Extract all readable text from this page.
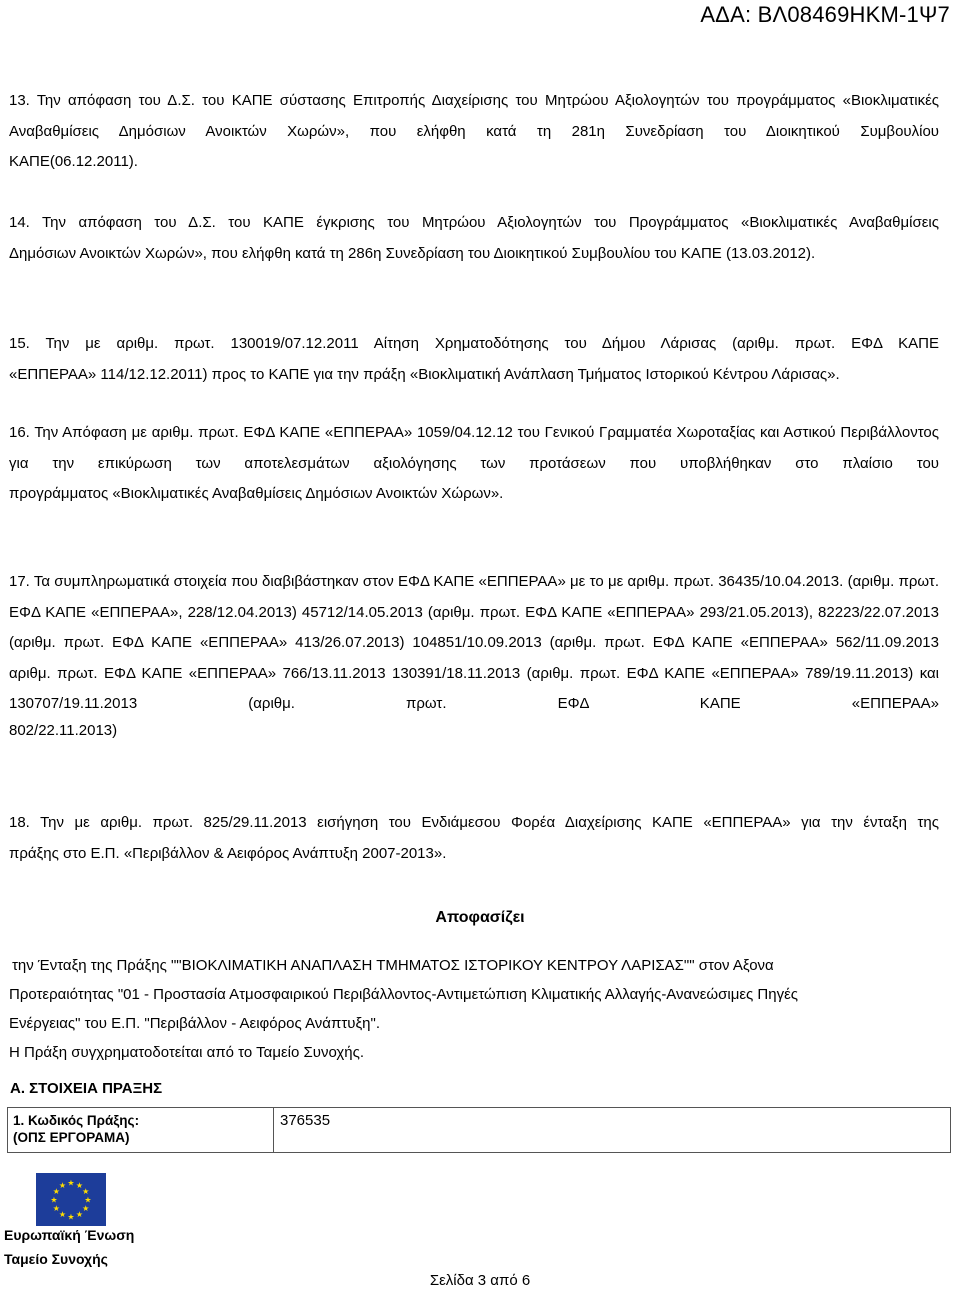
ΑΔΑ: ΒΛ08469ΗΚΜ-1Ψ7

13. Την απόφαση του Δ.Σ. του ΚΑΠΕ σύστασης Επιτροπής Διαχείρισης του Μητρώου Αξιολογητών του προγράμματος «Βιοκλιματικές Αναβαθμίσεις Δημόσιων Ανοικτών Χωρών», που ελήφθη κατά τη 281η Συνεδρίαση του Διοικητικού Συμβουλίου

ΚΑΠΕ(06.12.2011).

14. Την απόφαση του Δ.Σ. του ΚΑΠΕ έγκρισης του Μητρώου Αξιολογητών του Προγράμματος «Βιοκλιματικές Αναβαθμίσεις

Δημόσιων Ανοικτών Χωρών», που ελήφθη κατά τη 286η Συνεδρίαση του Διοικητικού Συμβουλίου του ΚΑΠΕ (13.03.2012).

15. Την με αριθμ. πρωτ. 130019/07.12.2011 Αίτηση Χρηματοδότησης του Δήμου Λάρισας (αριθμ. πρωτ. ΕΦΔ ΚΑΠΕ

«ΕΠΠΕΡΑΑ» 114/12.12.2011) προς το ΚΑΠΕ για την πράξη «Βιοκλιματική Ανάπλαση Τμήματος Ιστορικού Κέντρου Λάρισας».

16. Την Απόφαση με αριθμ. πρωτ. ΕΦΔ ΚΑΠΕ «ΕΠΠΕΡΑΑ» 1059/04.12.12 του Γενικού Γραμματέα Χωροταξίας και Αστικού Περιβάλλοντος για την επικύρωση των αποτελεσμάτων αξιολόγησης των προτάσεων που υποβλήθηκαν στο πλαίσιο του

προγράμματος «Βιοκλιματικές Αναβαθμίσεις Δημόσιων Ανοικτών Χώρων».

17. Τα συμπληρωματικά στοιχεία που διαβιβάστηκαν στον ΕΦΔ ΚΑΠΕ «ΕΠΠΕΡΑΑ» με το με αριθμ. πρωτ. 36435/10.04.2013. (αριθμ. πρωτ. ΕΦΔ ΚΑΠΕ «ΕΠΠΕΡΑΑ», 228/12.04.2013) 45712/14.05.2013 (αριθμ. πρωτ. ΕΦΔ ΚΑΠΕ «ΕΠΠΕΡΑΑ» 293/21.05.2013), 82223/22.07.2013 (αριθμ. πρωτ. ΕΦΔ ΚΑΠΕ «ΕΠΠΕΡΑΑ» 413/26.07.2013) 104851/10.09.2013 (αριθμ. πρωτ. ΕΦΔ ΚΑΠΕ «ΕΠΠΕΡΑΑ» 562/11.09.2013 αριθμ. πρωτ. ΕΦΔ ΚΑΠΕ «ΕΠΠΕΡΑΑ» 766/13.11.2013 130391/18.11.2013 (αριθμ. πρωτ. ΕΦΔ ΚΑΠΕ «ΕΠΠΕΡΑΑ» 789/19.11.2013) και 130707/19.11.2013 (αριθμ. πρωτ. ΕΦΔ ΚΑΠΕ «ΕΠΠΕΡΑΑ»

802/22.11.2013)

18. Την με αριθμ. πρωτ. 825/29.11.2013 εισήγηση του Ενδιάμεσου Φορέα Διαχείρισης ΚΑΠΕ «ΕΠΠΕΡΑΑ» για την ένταξη της

πράξης στο Ε.Π. «Περιβάλλον & Αειφόρος Ανάπτυξη 2007-2013».

Αποφασίζει
την Ένταξη της Πράξης ""ΒΙΟΚΛΙΜΑΤΙΚΗ ΑΝΑΠΛΑΣΗ ΤΜΗΜΑΤΟΣ ΙΣΤΟΡΙΚΟΥ ΚΕΝΤΡΟΥ ΛΑΡΙΣΑΣ"" στον Αξονα
Προτεραιότητας "01 - Προστασία Ατμοσφαιρικού Περιβάλλοντος-Αντιμετώπιση Κλιματικής Αλλαγής-Ανανεώσιμες Πηγές
Ενέργειας" του Ε.Π. "Περιβάλλον - Αειφόρος Ανάπτυξη".
Η Πράξη συγχρηματοδοτείται από το Ταμείο Συνοχής.
Α. ΣΤΟΙΧΕΙΑ ΠΡΑΞΗΣ
1. Κωδικός Πράξης:
(ΟΠΣ ΕΡΓΟΡΑΜΑ)
376535
★
★
★
★
★
★
★
★
★ ★ ★
★
Ευρωπαϊκή Ένωση
Ταμείο Συνοχής
Σελίδα 3 από 6
